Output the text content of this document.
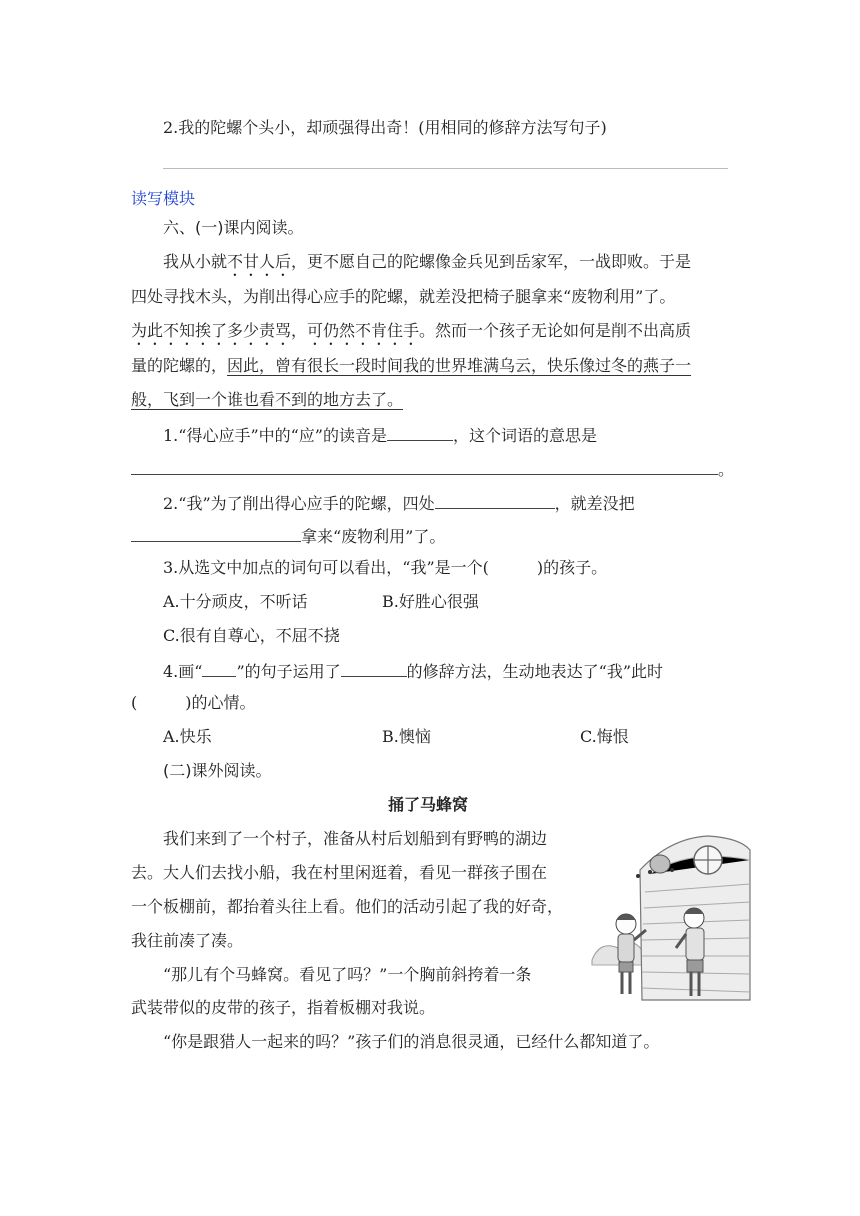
2.我的陀螺个头小，却顽强得出奇！(用相同的修辞方法写句子)
读写模块
六、(一)课内阅读。
我从小就不甘人后，更不愿自己的陀螺像金兵见到岳家军，一战即败。于是
四处寻找木头，为削出得心应手的陀螺，就差没把椅子腿拿来“废物利用”了。
为此不知挨了多少责骂，可仍然不肯住手。然而一个孩子无论如何是削不出高质
量的陀螺的，因此，曾有很长一段时间我的世界堆满乌云，快乐像过冬的燕子一
般，飞到一个谁也看不到的地方去了。
1.“得心应手”中的“应”的读音是	，这个词语的意思是
。
2.“我”为了削出得心应手的陀螺，四处	，就差没把
拿来“废物利用”了。
3.从选文中加点的词句可以看出，“我”是一个(　　　)的孩子。
A.十分顽皮，不听话	B.好胜心很强
C.很有自尊心，不屈不挠
4.画“ ”的句子运用了	的修辞方法，生动地表达了“我”此时
(　　　)的心情。
A.快乐	B.懊恼	C.悔恨
(二)课外阅读。
捅了马蜂窝
我们来到了一个村子，准备从村后划船到有野鸭的湖边
去。大人们去找小船，我在村里闲逛着，看见一群孩子围在
一个板棚前，都抬着头往上看。他们的活动引起了我的好奇，
我往前凑了凑。
“那儿有个马蜂窝。看见了吗？”一个胸前斜挎着一条
武装带似的皮带的孩子，指着板棚对我说。
“你是跟猎人一起来的吗？”孩子们的消息很灵通，已经什么都知道了。
